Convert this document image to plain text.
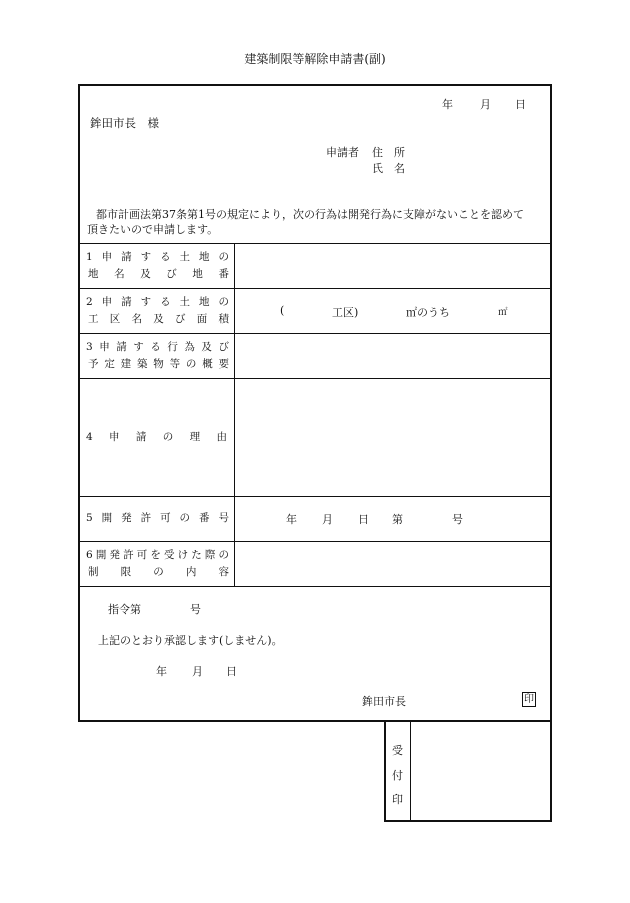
建築制限等解除申請書(副)
年 月 日
鉾田市長　様
申請者 住　所
氏　名
都市計画法第37条第1号の規定により，次の行為は開発行為に支障がないことを認めて
頂きたいので申請します。
1 申 請 す る 土 地 の
地 名 及 び 地 番
2 申 請 す る 土 地 の
工 区 名 及 び 面 積
(	工区)	㎡のうち	㎡
3 申 請 す る 行 為 及 び
予 定 建 築 物 等 の 概 要
4 申 請 の 理 由
5 開 発 許 可 の 番 号	年 月 日 第	号
6 開 発 許 可 を 受 け た 際 の
制 限 の 内 容
指令第	号
上記のとおり承認します(しません)。
年 月 日
鉾田市長	印
受
付
印
